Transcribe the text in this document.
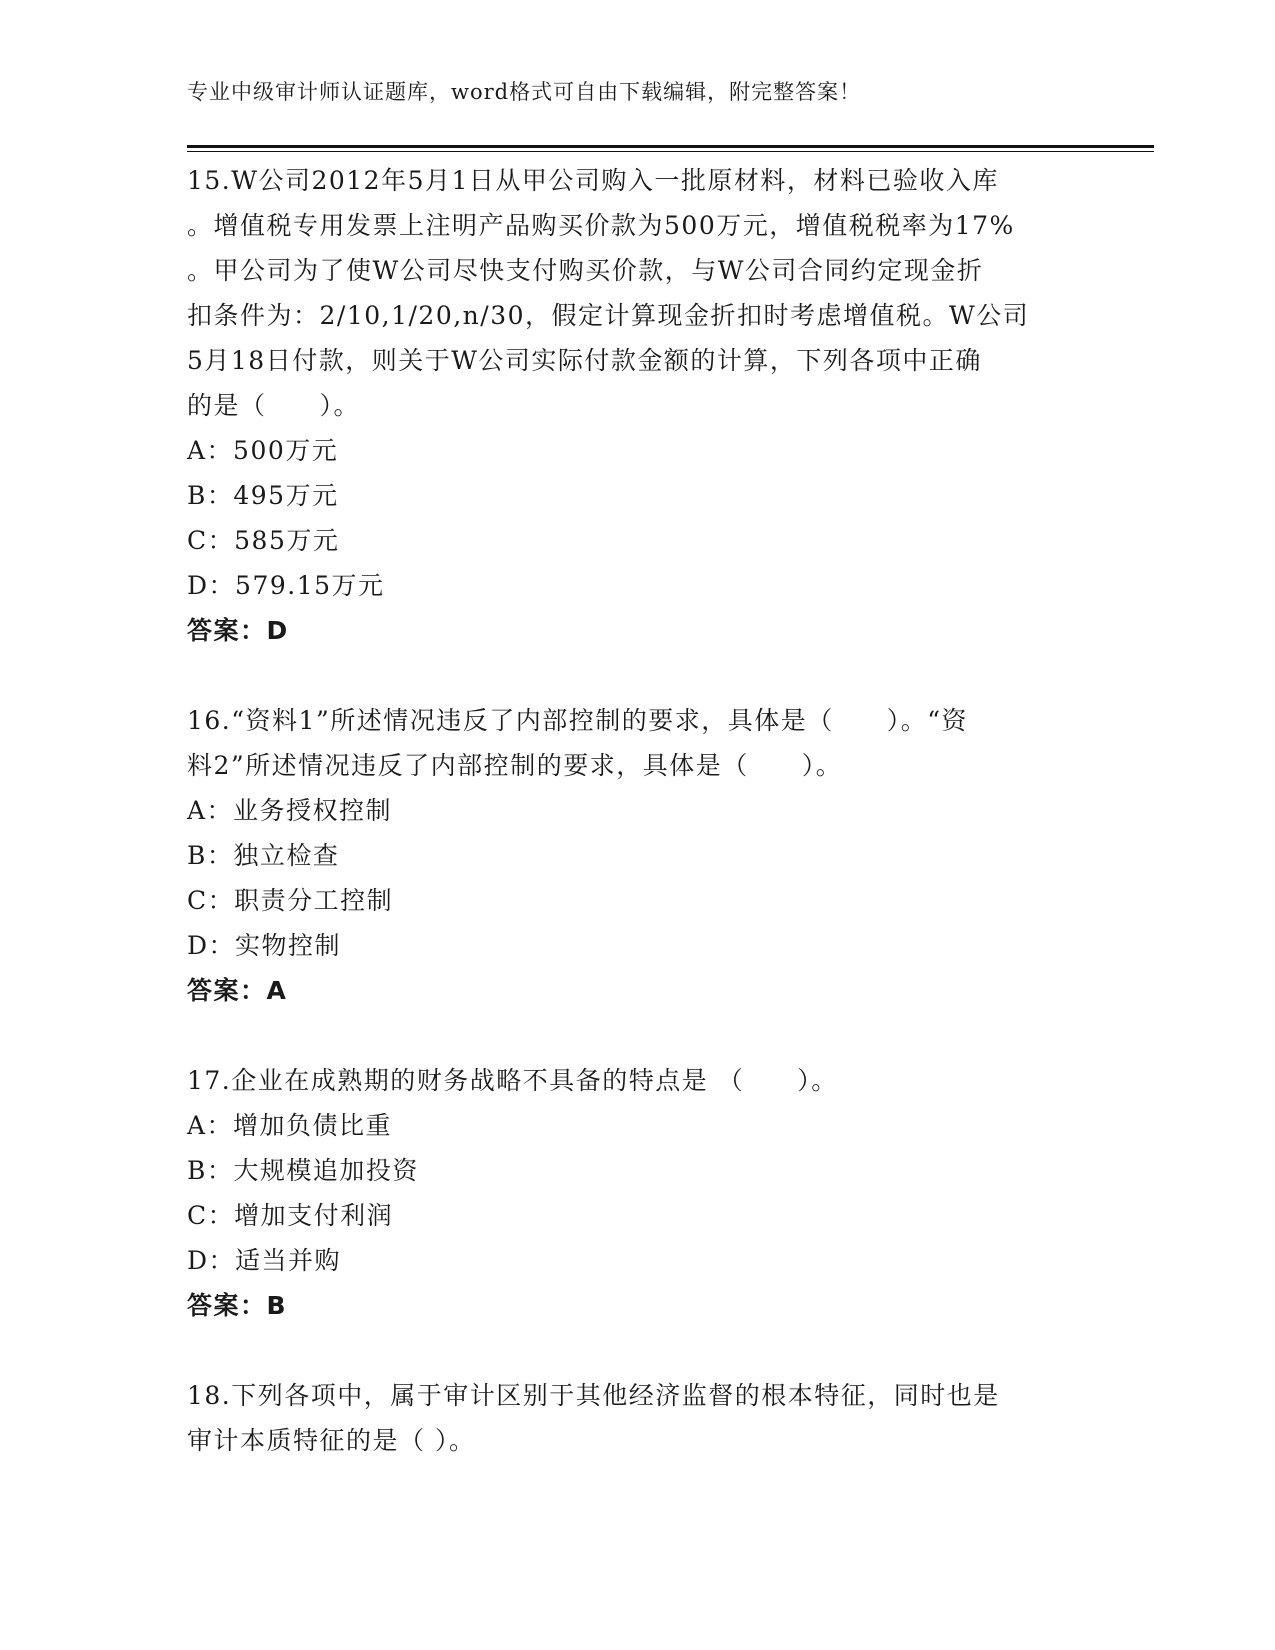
专业中级审计师认证题库，word格式可自由下载编辑，附完整答案！
15.W公司2012年5月1日从甲公司购入一批原材料，材料已验收入库
。增值税专用发票上注明产品购买价款为500万元，增值税税率为17%
。甲公司为了使W公司尽快支付购买价款，与W公司合同约定现金折
扣条件为：2/10,1/20,n/30，假定计算现金折扣时考虑增值税。W公司
5月18日付款，则关于W公司实际付款金额的计算，下列各项中正确
的是（　　）。
A：500万元
B：495万元
C：585万元
D：579.15万元
答案：D
16.“资料1”所述情况违反了内部控制的要求，具体是（　　）。“资
料2”所述情况违反了内部控制的要求，具体是（　　）。
A：业务授权控制
B：独立检查
C：职责分工控制
D：实物控制
答案：A
17.企业在成熟期的财务战略不具备的特点是 （　　）。
A：增加负债比重
B：大规模追加投资
C：增加支付利润
D：适当并购
答案：B
18.下列各项中，属于审计区别于其他经济监督的根本特征，同时也是
审计本质特征的是（ ）。
